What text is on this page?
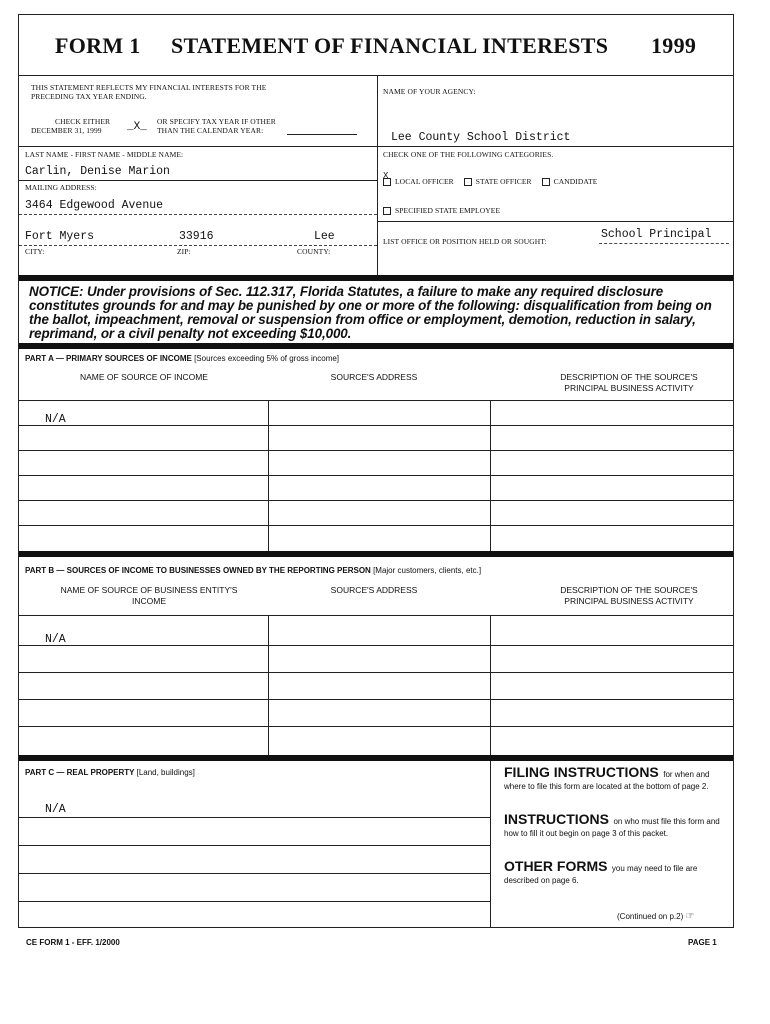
FORM 1 STATEMENT OF FINANCIAL INTERESTS 1999
THIS STATEMENT REFLECTS MY FINANCIAL INTERESTS FOR THE
PRECEDING TAX YEAR ENDING.
CHECK EITHER
DECEMBER 31, 1999 _X_ OR SPECIFY TAX YEAR IF OTHER
THAN THE CALENDAR YEAR:
NAME OF YOUR AGENCY:
Lee County School District
LAST NAME - FIRST NAME - MIDDLE NAME:
Carlin, Denise Marion
MAILING ADDRESS:
3464 Edgewood Avenue
Fort Myers	33916	Lee
CITY:	ZIP:	COUNTY:
CHECK ONE OF THE FOLLOWING CATEGORIES.
X
LOCAL OFFICER	STATE OFFICER	CANDIDATE
SPECIFIED STATE EMPLOYEE
LIST OFFICE OR POSITION HELD OR SOUGHT:
School Principal
NOTICE: Under provisions of Sec. 112.317, Florida Statutes, a failure to make any required disclosure constitutes grounds for and may be punished by one or more of the following: disqualification from being on the ballot, impeachment, removal or suspension from office or employment, demotion, reduction in salary, reprimand, or a civil penalty not exceeding $10,000.
PART A — PRIMARY SOURCES OF INCOME [Sources exceeding 5% of gross income]
NAME OF SOURCE OF INCOME	SOURCE'S ADDRESS	DESCRIPTION OF THE SOURCE'S PRINCIPAL BUSINESS ACTIVITY
N/A
PART B — SOURCES OF INCOME TO BUSINESSES OWNED BY THE REPORTING PERSON [Major customers, clients, etc.]
NAME OF SOURCE OF BUSINESS ENTITY'S INCOME
SOURCE'S ADDRESS	DESCRIPTION OF THE SOURCE'S PRINCIPAL BUSINESS ACTIVITY
N/A
PART C — REAL PROPERTY [Land, buildings]
N/A
FILING INSTRUCTIONS for when and where to file this form are located at the bottom of page 2.
INSTRUCTIONS on who must file this form and how to fill it out begin on page 3 of this packet.
OTHER FORMS you may need to file are described on page 6.
(Continued on p.2) ☞
CE FORM 1 - EFF. 1/2000	PAGE 1
